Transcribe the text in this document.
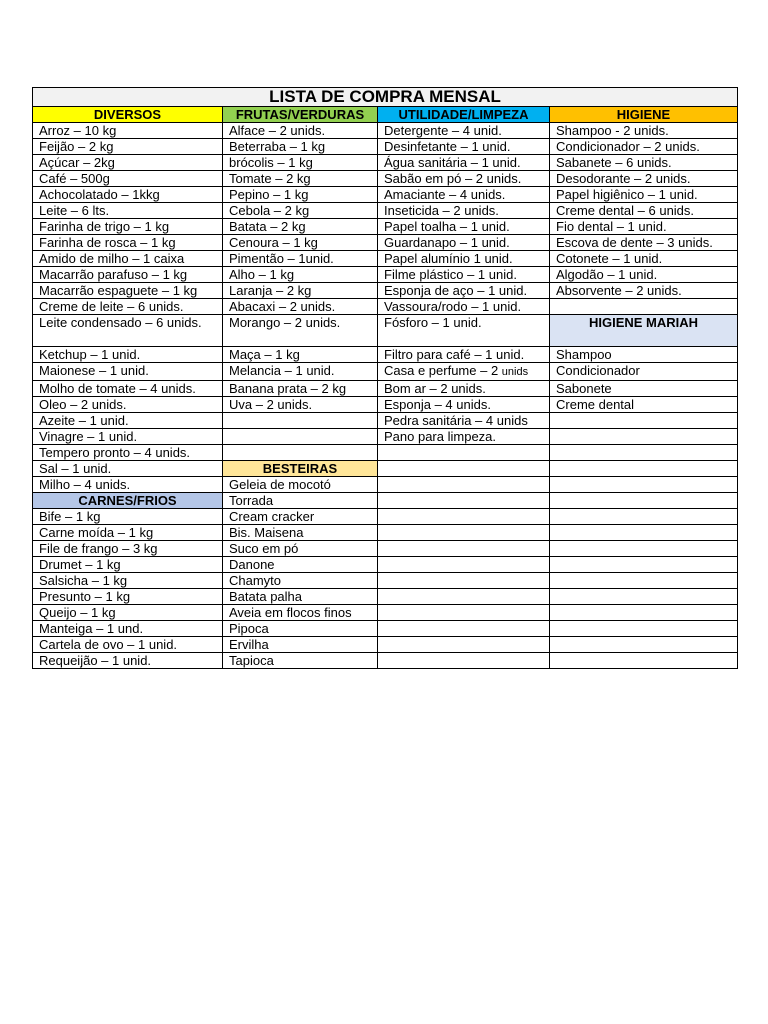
LISTA DE COMPRA MENSAL			
DIVERSOS	FRUTAS/VERDURAS	UTILIDADE/LIMPEZA	HIGIENE
Arroz – 10 kg	Alface – 2 unids.	Detergente – 4 unid.	Shampoo - 2 unids.
Feijão – 2 kg	Beterraba – 1 kg	Desinfetante – 1 unid.	Condicionador – 2 unids.
Açúcar – 2kg	brócolis – 1 kg	Água sanitária – 1 unid.	Sabanete – 6 unids.
Café – 500g	Tomate – 2 kg	Sabão em pó – 2 unids.	Desodorante – 2 unids.
Achocolatado – 1kkg	Pepino – 1 kg	Amaciante – 4 unids.	Papel higiênico – 1 unid.
Leite – 6 lts.	Cebola – 2 kg	Inseticida – 2 unids.	Creme dental – 6 unids.
Farinha de trigo – 1 kg	Batata – 2 kg	Papel toalha – 1 unid.	Fio dental – 1 unid.
Farinha de rosca – 1 kg	Cenoura – 1 kg	Guardanapo – 1 unid.	Escova de dente – 3 unids.
Amido de milho – 1 caixa	Pimentão – 1unid.	Papel alumínio 1 unid.	Cotonete – 1 unid.
Macarrão parafuso – 1 kg	Alho – 1 kg	Filme plástico – 1 unid.	Algodão – 1 unid.
Macarrão espaguete – 1 kg	Laranja – 2 kg	Esponja de aço – 1 unid.	Absorvente – 2 unids.
Creme de leite – 6 unids.	Abacaxi – 2 unids.	Vassoura/rodo – 1 unid.	
Leite condensado – 6 unids.	Morango – 2 unids.	Fósforo – 1 unid.	HIGIENE MARIAH
Ketchup – 1 unid.	Maça – 1 kg	Filtro para café – 1 unid.	Shampoo
Maionese – 1 unid.	Melancia – 1 unid.	Casa e perfume – 2 unids	Condicionador
Molho de tomate – 4 unids.	Banana prata – 2 kg	Bom ar – 2 unids.	Sabonete
Oleo – 2 unids.	Uva – 2 unids.	Esponja – 4 unids.	Creme dental
Azeite – 1 unid.		Pedra sanitária – 4 unids	
Vinagre – 1 unid.		Pano para limpeza.	
Tempero pronto – 4 unids.			
Sal – 1 unid.	BESTEIRAS		
Milho – 4 unids.	Geleia de mocotó		
CARNES/FRIOS	Torrada		
Bife – 1 kg	Cream cracker		
Carne moída – 1 kg	Bis. Maisena		
File de frango – 3 kg	Suco em pó		
Drumet – 1 kg	Danone		
Salsicha – 1 kg	Chamyto		
Presunto – 1 kg	Batata palha		
Queijo – 1 kg	Aveia em flocos finos		
Manteiga – 1 und.	Pipoca		
Cartela de ovo – 1 unid.	Ervilha		
Requeijão – 1 unid.	Tapioca		
